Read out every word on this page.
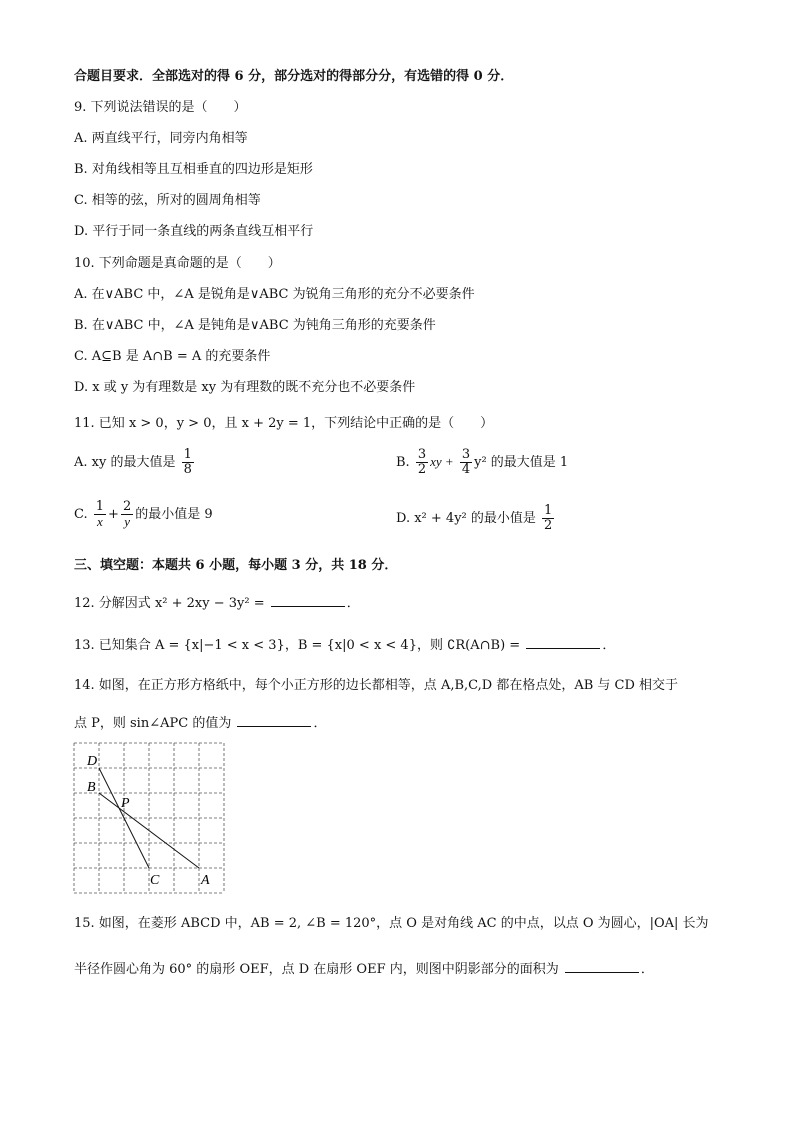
合题目要求．全部选对的得 6 分，部分选对的得部分分，有选错的得 0 分．
9. 下列说法错误的是（　　）
A. 两直线平行，同旁内角相等
B. 对角线相等且互相垂直的四边形是矩形
C. 相等的弦，所对的圆周角相等
D. 平行于同一条直线的两条直线互相平行
10. 下列命题是真命题的是（　　）
A. 在∨ABC 中，∠A 是锐角是∨ABC 为锐角三角形的充分不必要条件
B. 在∨ABC 中，∠A 是钝角是∨ABC 为钝角三角形的充要条件
C. A⊆B 是 A∩B = A 的充要条件
D. x 或 y 为有理数是 xy 为有理数的既不充分也不必要条件
11. 已知 x > 0，y > 0，且 x + 2y = 1，下列结论中正确的是（　　）
A. xy 的最大值是 $\frac{1}{8}$	B. $\frac{3}{2}$ xy + $\frac{3}{4} y^2$ 的最大值是 1
C. $\frac{1}{x} + \frac{2}{y}$ 的最小值是 9	D. x² + 4y² 的最小值是 $\frac{1}{2}$
三、填空题：本题共 6 小题，每小题 3 分，共 18 分．
12. 分解因式 x² + 2xy − 3y² =	．
13. 已知集合 A = {x|−1 < x < 3}，B = {x|0 < x < 4}，则 ∁R(A∩B) =	．
14. 如图，在正方形方格纸中，每个小正方形的边长都相等，点 A,B,C,D 都在格点处，AB 与 CD 相交于
点 P，则 sin∠APC 的值为	．
D
B
P
C	A
15. 如图，在菱形 ABCD 中，AB = 2, ∠B = 120°，点 O 是对角线 AC 的中点，以点 O 为圆心，|OA| 长为
半径作圆心角为 60° 的扇形 OEF，点 D 在扇形 OEF 内，则图中阴影部分的面积为	．
